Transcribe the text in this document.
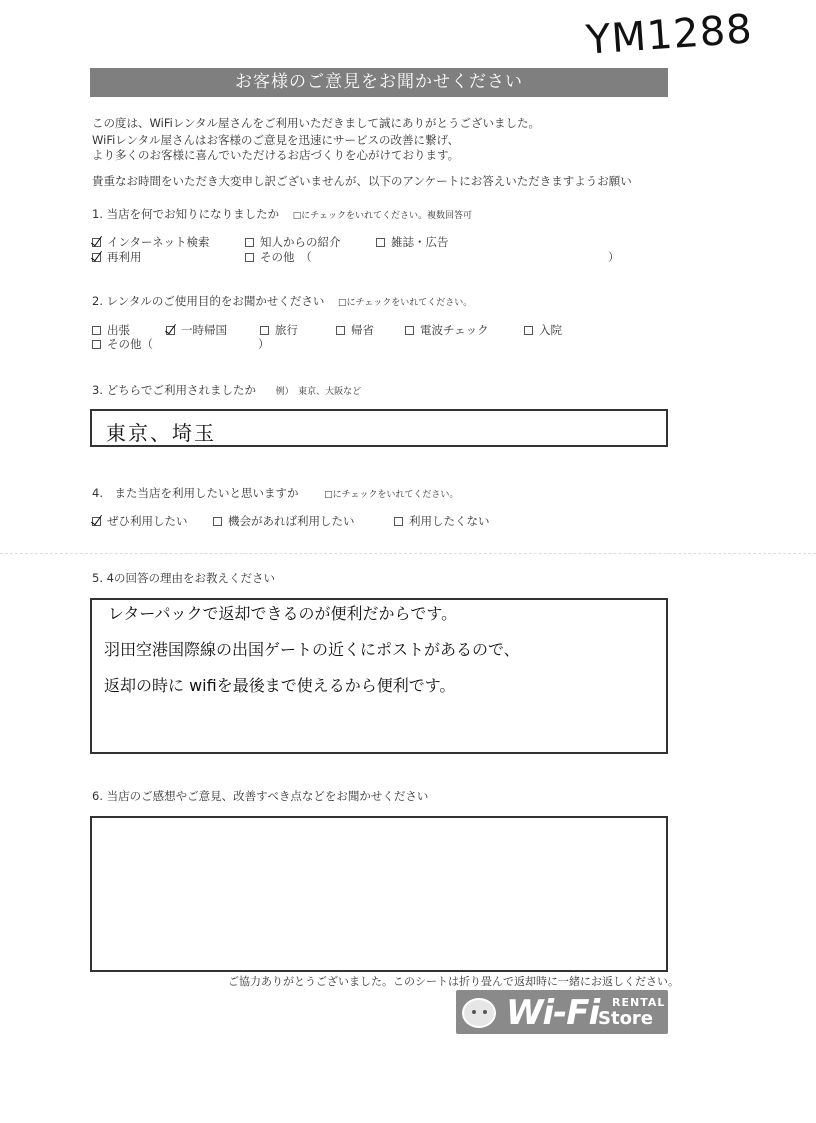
YM1288
お客様のご意見をお聞かせください
この度は、WiFiレンタル屋さんをご利用いただきまして誠にありがとうございました。
WiFiレンタル屋さんはお客様のご意見を迅速にサービスの改善に繋げ、
より多くのお客様に喜んでいただけるお店づくりを心がけております。
貴重なお時間をいただき大変申し訳ございませんが、以下のアンケートにお答えいただきますようお願い
1. 当店を何でお知りになりましたか □にチェックをいれてください。複数回答可
インターネット検索	知人からの紹介	雑誌・広告
再利用	その他　（	）
2. レンタルのご使用目的をお聞かせください □にチェックをいれてください。
出張	一時帰国	旅行	帰省	電波チェック	入院
その他（	）
3. どちらでご利用されましたか 例）　東京、大阪など
東京、埼玉
4.　また当店を利用したいと思いますか	□にチェックをいれてください。
ぜひ利用したい	機会があれば利用したい	利用したくない
5. 4の回答の理由をお教えください
レターパックで返却できるのが便利だからです。
羽田空港国際線の出国ゲートの近くにポストがあるので、
返却の時に wifiを最後まで使えるから便利です。
6. 当店のご感想やご意見、改善すべき点などをお聞かせください
ご協力ありがとうございました。このシートは折り畳んで返却時に一緒にお返しください。
Wi-Fi RENTAL
Store
